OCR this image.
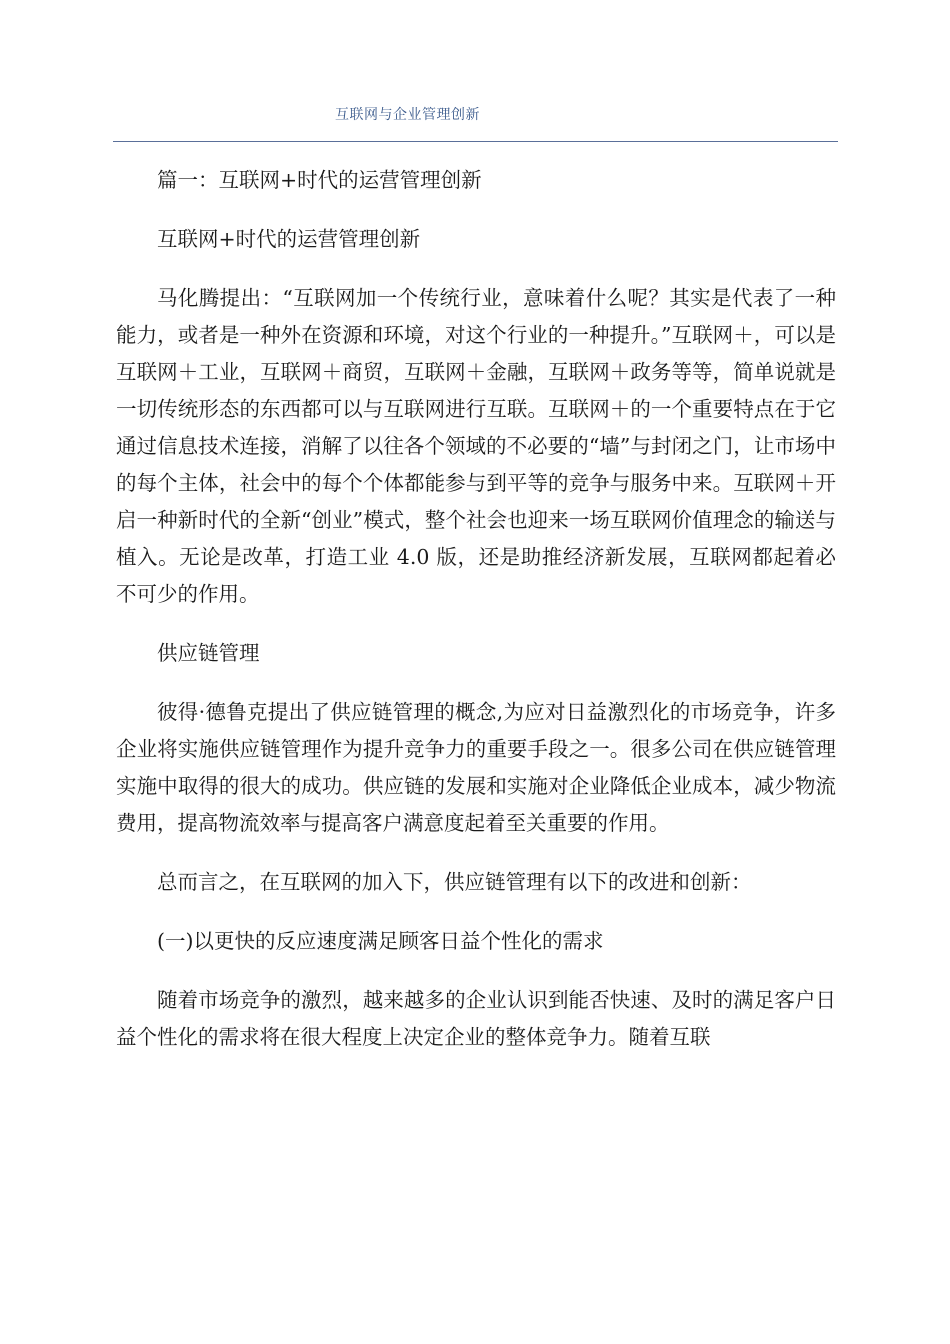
互联网与企业管理创新

篇一：互联网+时代的运营管理创新

互联网+时代的运营管理创新

马化腾提出：“互联网加一个传统行业，意味着什么呢？其实是代表了一种能力，或者是一种外在资源和环境，对这个行业的一种提升。”互联网＋，可以是互联网＋工业，互联网＋商贸，互联网＋金融，互联网＋政务等等，简单说就是一切传统形态的东西都可以与互联网进行互联。互联网＋的一个重要特点在于它通过信息技术连接，消解了以往各个领域的不必要的“墙”与封闭之门，让市场中的每个主体，社会中的每个个体都能参与到平等的竞争与服务中来。互联网＋开启一种新时代的全新“创业”模式，整个社会也迎来一场互联网价值理念的输送与植入。无论是改革，打造工业 4.0 版，还是助推经济新发展，互联网都起着必不可少的作用。

供应链管理

彼得·德鲁克提出了供应链管理的概念,为应对日益激烈化的市场竞争，许多企业将实施供应链管理作为提升竞争力的重要手段之一。很多公司在供应链管理实施中取得的很大的成功。供应链的发展和实施对企业降低企业成本，减少物流费用，提高物流效率与提高客户满意度起着至关重要的作用。

总而言之，在互联网的加入下，供应链管理有以下的改进和创新：

(一)以更快的反应速度满足顾客日益个性化的需求

随着市场竞争的激烈，越来越多的企业认识到能否快速、及时的满足客户日益个性化的需求将在很大程度上决定企业的整体竞争力。随着互联
